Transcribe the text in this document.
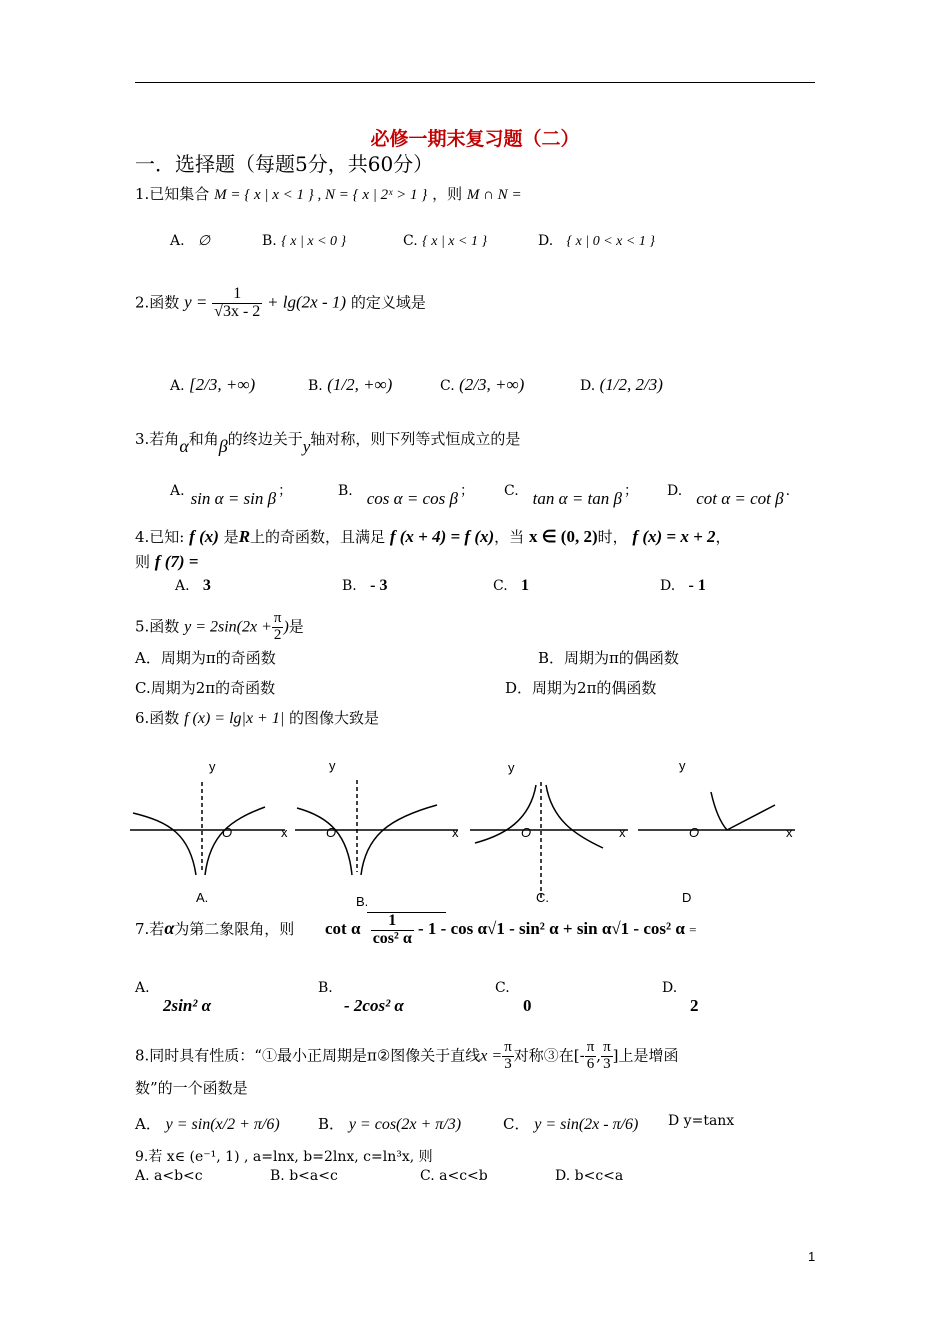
必修一期末复习题（二）
一．选择题（每题5分，共60分）
1.已知集合 M = { x | x < 1 } , N = { x | 2ˣ > 1 } ，则 M ∩ N =
A. ∅	B. { x | x < 0 }	C. { x | x < 1 }	D. { x | 0 < x < 1 }
2.函数 $y = \frac{1}{√3x - 2} + \lg(2x - 1)$ 的定义域是
A. [2/3, +∞)	B. (1/2, +∞)	C. (2/3, +∞)	D. (1/2, 2/3)
3.若角α和角β的终边关于y轴对称，则下列等式恒成立的是
A. sin α = sin β ；	B. cos α = cos β ； C. tan α = tan β ； D. cot α = cot β .
4.已知: f (x) 是R上的奇函数，且满足 f (x + 4) = f (x)，当 x ∈ (0, 2)时， f (x) = x + 2，
则 f (7) =
A. 3	B. - 3	C. 1	D. - 1
5.函数 $y = 2\sin(2x + \frac{\pi}{2}$ )是
A．周期为π的奇函数	B．周期为π的偶函数
C.周期为2π的奇函数	D．周期为2π的偶函数
6.函数 f (x) = lg|x + 1| 的图像大致是
y
O	x
A.
y
O	x
B.
y
O	x
C.
y
O	x
D
7.若α为第二象限角，则 cot α $\frac{1}{\text{cos² α}} - 1$ - cos α√1 - sin² α + sin α√1 - cos² α =
A.
2sin² α
B.
- 2cos² α
C.
0
D.
2
8.同时具有性质：“①最小正周期是π②图像关于直线$x = \frac{\pi}{3}$ 对称③在[- $\frac{\pi}{6}$ , $\frac{\pi}{3}$ ]上是增函
数”的一个函数是
A． y = sin(x/2 + π/6)	B． y = cos(2x + π/3)	C． y = sin(2x - π/6) D y=tanx
9.若 x∈ (e⁻¹, 1) , a=lnx, b=2lnx, c=ln³x, 则
A. a<b<c	B. b<a<c	C. a<c<b	D. b<c<a
1
